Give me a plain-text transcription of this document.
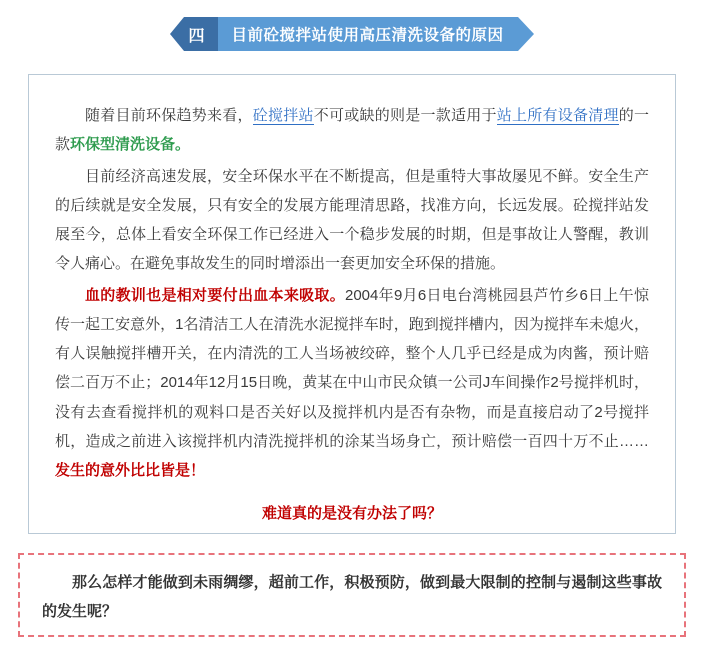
四	目前砼搅拌站使用高压清洗设备的原因

随着目前环保趋势来看，砼搅拌站不可或缺的则是一款适用于站上所有设备清理的一款环保型清洗设备。

目前经济高速发展，安全环保水平在不断提高，但是重特大事故屡见不鲜。安全生产的后续就是安全发展，只有安全的发展方能理清思路，找准方向，长远发展。砼搅拌站发展至今，总体上看安全环保工作已经进入一个稳步发展的时期，但是事故让人警醒，教训令人痛心。在避免事故发生的同时增添出一套更加安全环保的措施。

血的教训也是相对要付出血本来吸取。2004年9月6日电台湾桃园县芦竹乡6日上午惊传一起工安意外，1名清洁工人在清洗水泥搅拌车时，跑到搅拌槽内，因为搅拌车未熄火，有人误触搅拌槽开关，在内清洗的工人当场被绞碎，整个人几乎已经是成为肉酱，预计赔偿二百万不止；2014年12月15日晚，黄某在中山市民众镇一公司J车间操作2号搅拌机时，没有去查看搅拌机的观料口是否关好以及搅拌机内是否有杂物，而是直接启动了2号搅拌机，造成之前进入该搅拌机内清洗搅拌机的涂某当场身亡，预计赔偿一百四十万不止……发生的意外比比皆是！

难道真的是没有办法了吗？

那么怎样才能做到未雨绸缪，超前工作，积极预防，做到最大限制的控制与遏制这些事故的发生呢？
